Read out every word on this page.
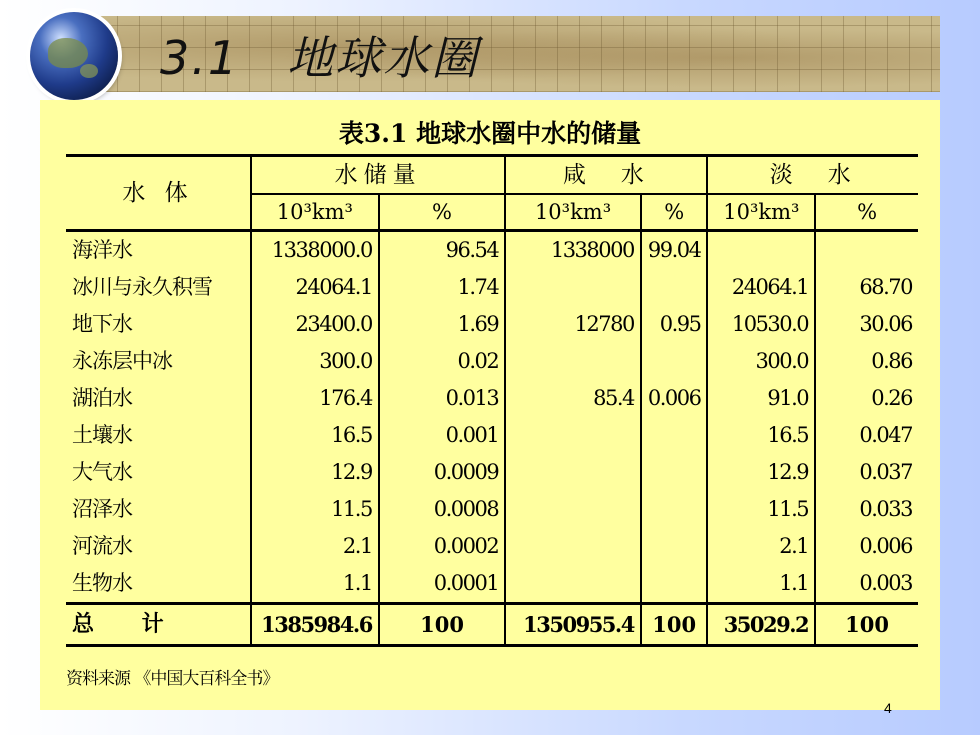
3.1　地球水圈
表3.1 地球水圈中水的储量
水 体	水储量		咸　水		淡　水	
	10³km³	%	10³km³	%	10³km³	%
海洋水	1338000.0	96.54	1338000	99.04		
冰川与永久积雪	24064.1	1.74			24064.1	68.70
地下水	23400.0	1.69	12780	0.95	10530.0	30.06
永冻层中冰	300.0	0.02			300.0	0.86
湖泊水	176.4	0.013	85.4	0.006	91.0	0.26
土壤水	16.5	0.001			16.5	0.047
大气水	12.9	0.0009			12.9	0.037
沼泽水	11.5	0.0008			11.5	0.033
河流水	2.1	0.0002			2.1	0.006
生物水	1.1	0.0001			1.1	0.003
总 计	1385984.6	100	1350955.4	100	35029.2	100
资料来源 《中国大百科全书》
4
